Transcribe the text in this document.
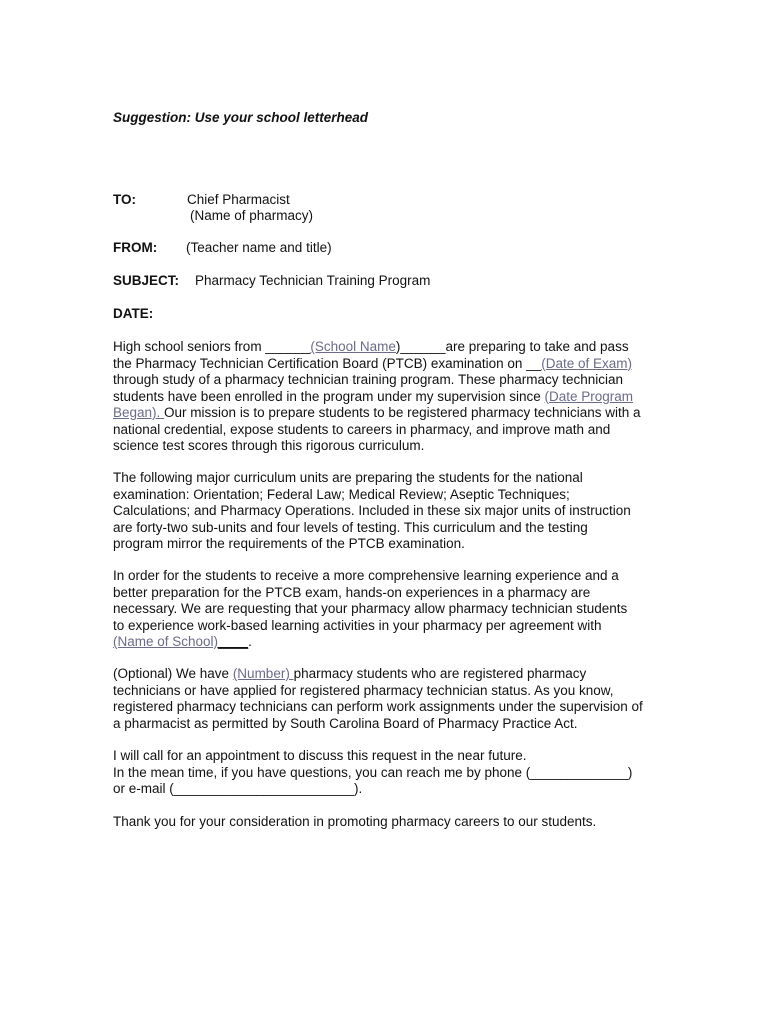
Suggestion: Use your school letterhead
TO:	Chief Pharmacist
(Name of pharmacy)
FROM: (Teacher name and title)
SUBJECT: Pharmacy Technician Training Program
DATE:

High school seniors from ______(School Name)______are preparing to take and pass

the Pharmacy Technician Certification Board (PTCB) examination on __(Date of Exam)

through study of a pharmacy technician training program. These pharmacy technician

students have been enrolled in the program under my supervision since (Date Program

Began). Our mission is to prepare students to be registered pharmacy technicians with a

national credential, expose students to careers in pharmacy, and improve math and

science test scores through this rigorous curriculum.

The following major curriculum units are preparing the students for the national

examination: Orientation; Federal Law; Medical Review; Aseptic Techniques;

Calculations; and Pharmacy Operations. Included in these six major units of instruction

are forty-two sub-units and four levels of testing. This curriculum and the testing

program mirror the requirements of the PTCB examination.

In order for the students to receive a more comprehensive learning experience and a

better preparation for the PTCB exam, hands-on experiences in a pharmacy are

necessary. We are requesting that your pharmacy allow pharmacy technician students

to experience work-based learning activities in your pharmacy per agreement with

(Name of School)____.

(Optional) We have (Number) pharmacy students who are registered pharmacy

technicians or have applied for registered pharmacy technician status. As you know,

registered pharmacy technicians can perform work assignments under the supervision of

a pharmacist as permitted by South Carolina Board of Pharmacy Practice Act.

I will call for an appointment to discuss this request in the near future.

In the mean time, if you have questions, you can reach me by phone (_____________)

or e-mail (________________________).

Thank you for your consideration in promoting pharmacy careers to our students.
